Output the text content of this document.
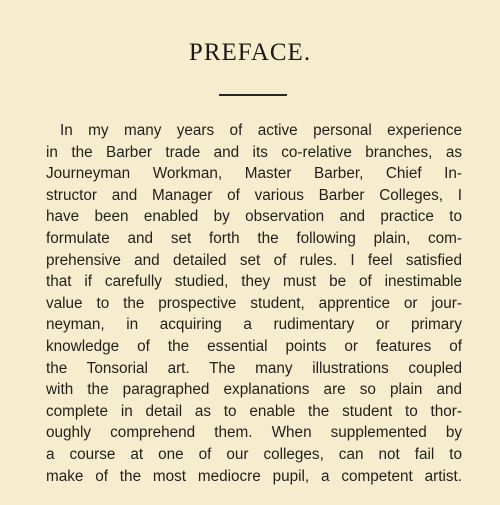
PREFACE.
In my many years of active personal experience
in the Barber trade and its co-relative branches, as
Journeyman Workman, Master Barber, Chief In-
structor and Manager of various Barber Colleges, I
have been enabled by observation and practice to
formulate and set forth the following plain, com-
prehensive and detailed set of rules. I feel satisfied
that if carefully studied, they must be of inestimable
value to the prospective student, apprentice or jour-
neyman, in acquiring a rudimentary or primary
knowledge of the essential points or features of
the Tonsorial art. The many illustrations coupled
with the paragraphed explanations are so plain and
complete in detail as to enable the student to thor-
oughly comprehend them. When supplemented by
a course at one of our colleges, can not fail to
make of the most mediocre pupil, a competent artist.
